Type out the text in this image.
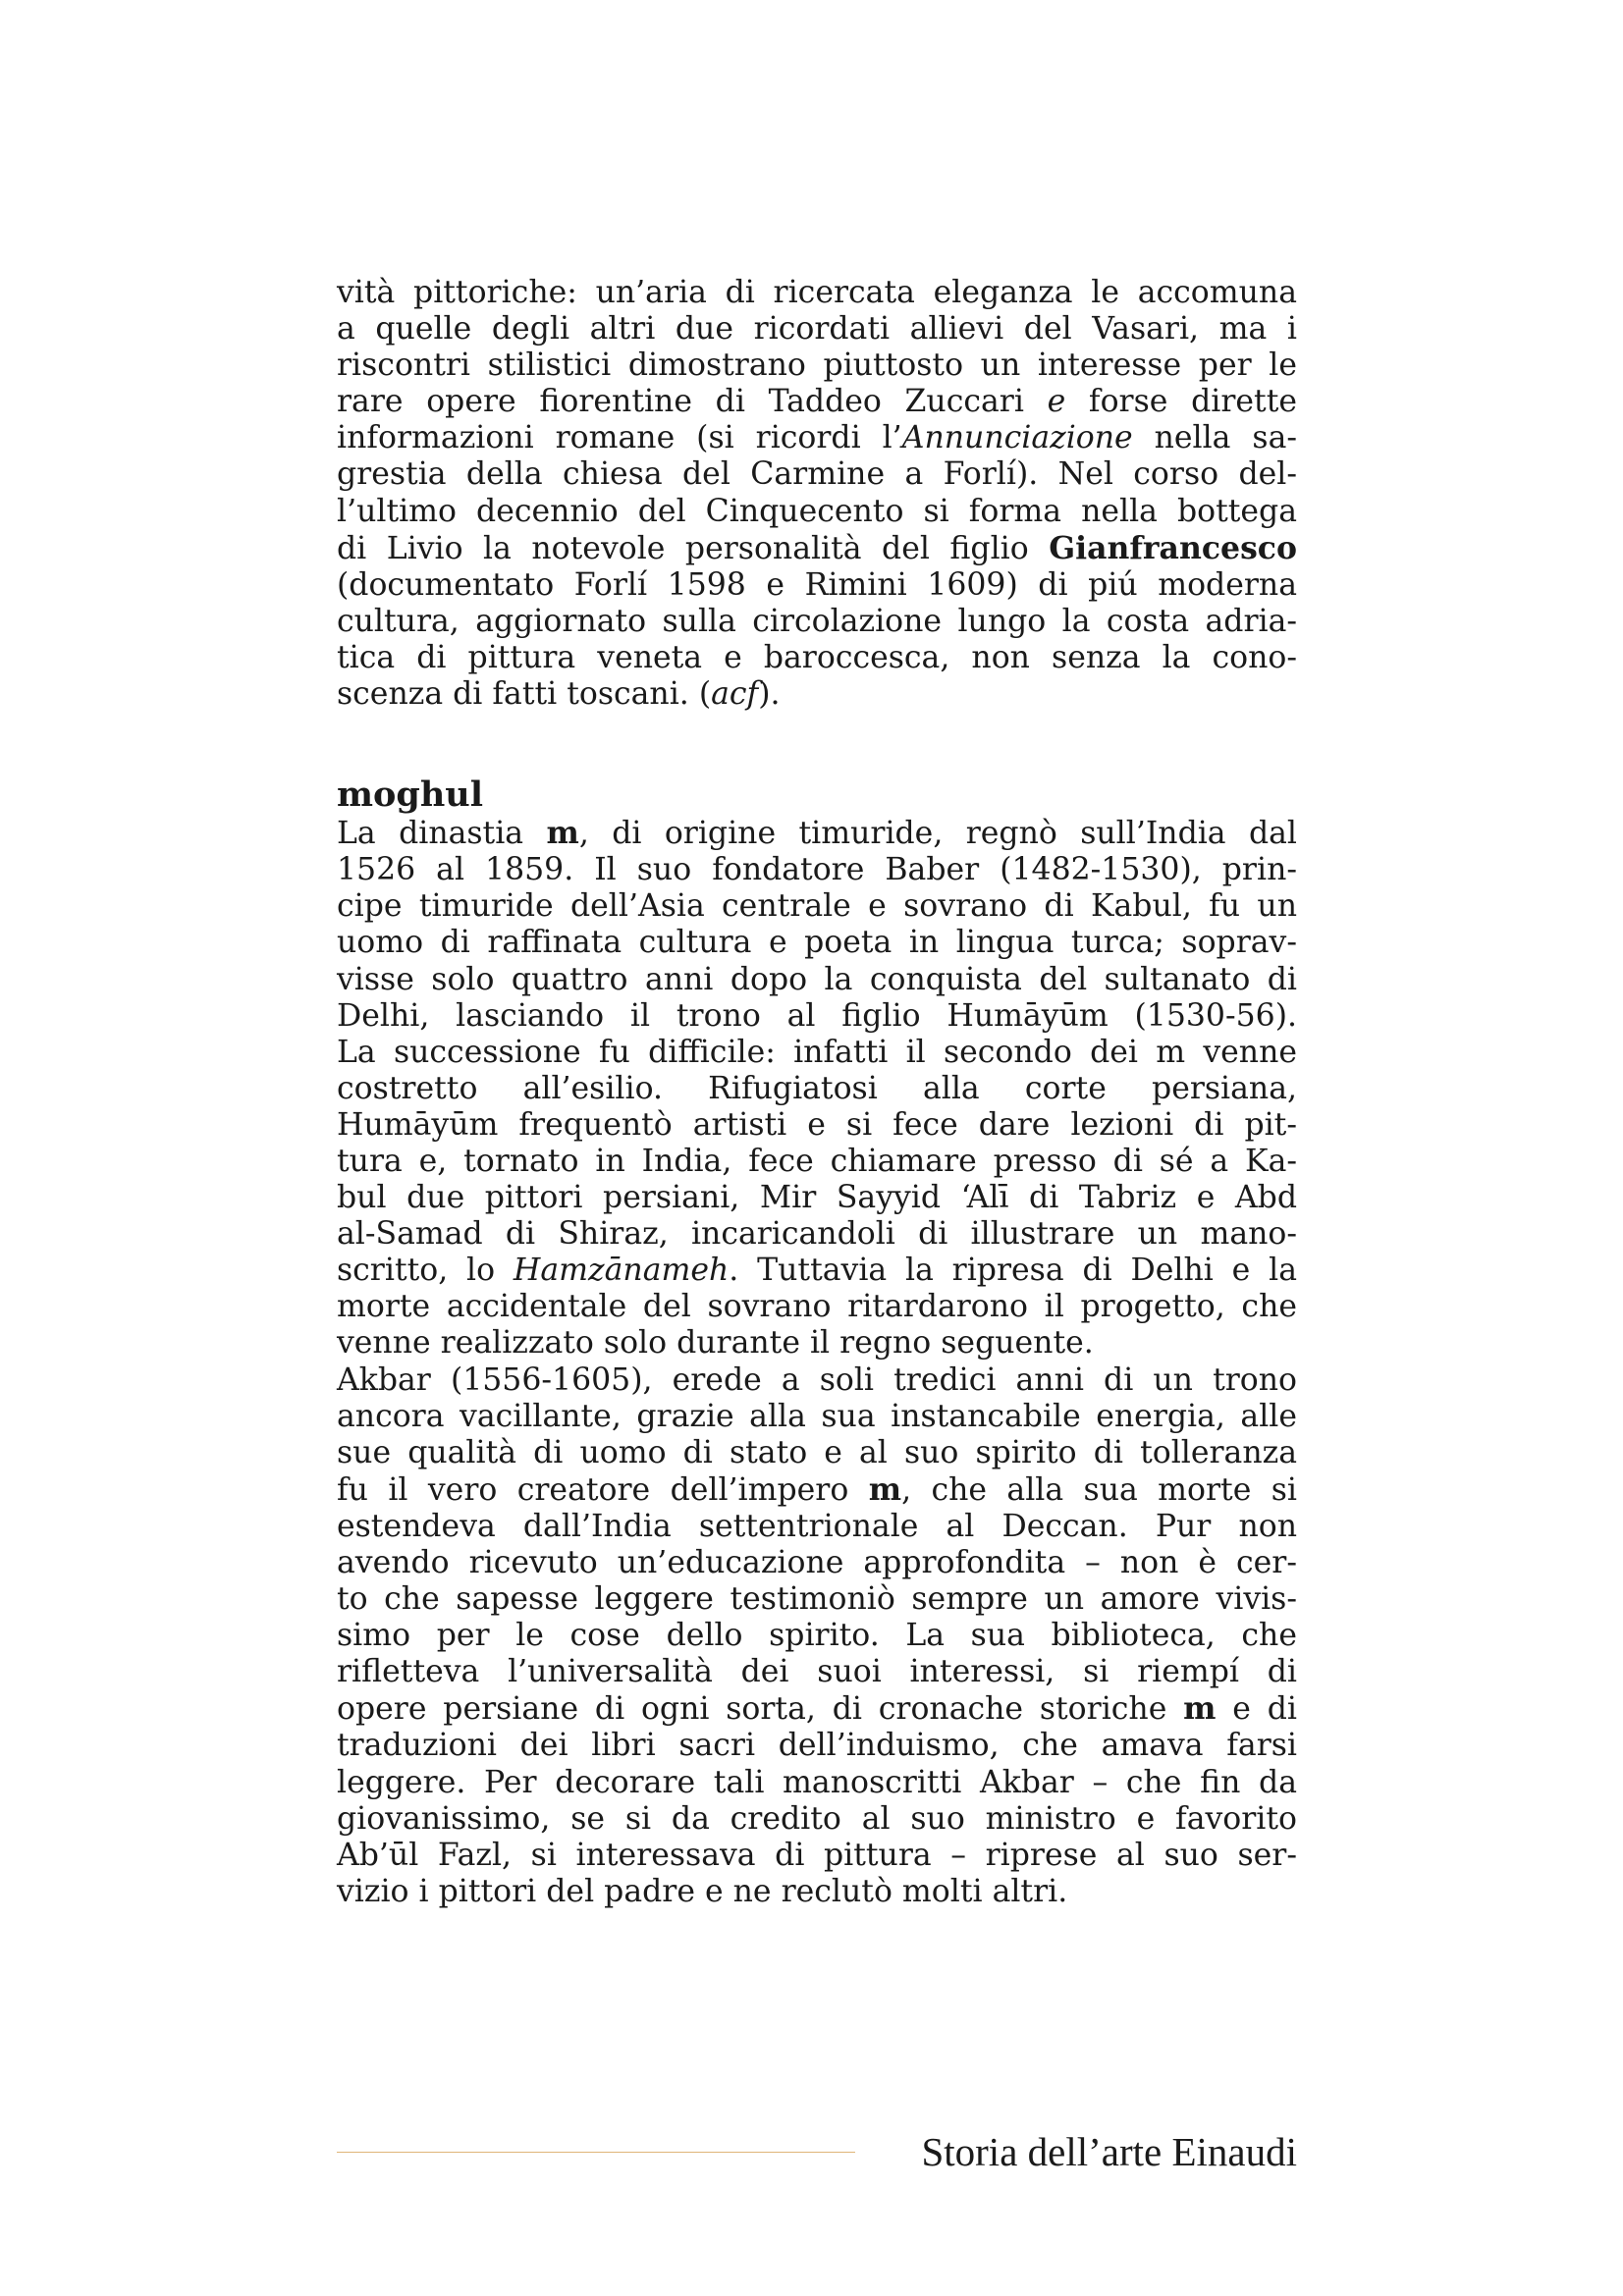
vità pittoriche: un’aria di ricercata eleganza le accomuna
a quelle degli altri due ricordati allievi del Vasari, ma i
riscontri stilistici dimostrano piuttosto un interesse per le
rare opere fiorentine di Taddeo Zuccari e forse dirette
informazioni romane (si ricordi l’Annunciazione nella sa-
grestia della chiesa del Carmine a Forlí). Nel corso del-
l’ultimo decennio del Cinquecento si forma nella bottega
di Livio la notevole personalità del figlio Gianfrancesco
(documentato Forlí 1598 e Rimini 1609) di piú moderna
cultura, aggiornato sulla circolazione lungo la costa adria-
tica di pittura veneta e baroccesca, non senza la cono-
scenza di fatti toscani. (acf).

moghul

La dinastia m, di origine timuride, regnò sull’India dal
1526 al 1859. Il suo fondatore Baber (1482-1530), prin-
cipe timuride dell’Asia centrale e sovrano di Kabul, fu un
uomo di raffinata cultura e poeta in lingua turca; soprav-
visse solo quattro anni dopo la conquista del sultanato di
Delhi, lasciando il trono al figlio Humāyūm (1530-56).
La successione fu difficile: infatti il secondo dei m venne
costretto all’esilio. Rifugiatosi alla corte persiana,
Humāyūm frequentò artisti e si fece dare lezioni di pit-
tura e, tornato in India, fece chiamare presso di sé a Ka-
bul due pittori persiani, Mir Sayyid ‘Alī di Tabriz e Abd
al-Samad di Shiraz, incaricandoli di illustrare un mano-
scritto, lo Hamzānameh. Tuttavia la ripresa di Delhi e la
morte accidentale del sovrano ritardarono il progetto, che
venne realizzato solo durante il regno seguente.

Akbar (1556-1605), erede a soli tredici anni di un trono
ancora vacillante, grazie alla sua instancabile energia, alle
sue qualità di uomo di stato e al suo spirito di tolleranza
fu il vero creatore dell’impero m, che alla sua morte si
estendeva dall’India settentrionale al Deccan. Pur non
avendo ricevuto un’educazione approfondita – non è cer-
to che sapesse leggere testimoniò sempre un amore vivis-
simo per le cose dello spirito. La sua biblioteca, che
rifletteva l’universalità dei suoi interessi, si riempí di
opere persiane di ogni sorta, di cronache storiche m e di
traduzioni dei libri sacri dell’induismo, che amava farsi
leggere. Per decorare tali manoscritti Akbar – che fin da
giovanissimo, se si da credito al suo ministro e favorito
Ab’ūl Fazl, si interessava di pittura – riprese al suo ser-
vizio i pittori del padre e ne reclutò molti altri.

Storia dell’arte Einaudi
